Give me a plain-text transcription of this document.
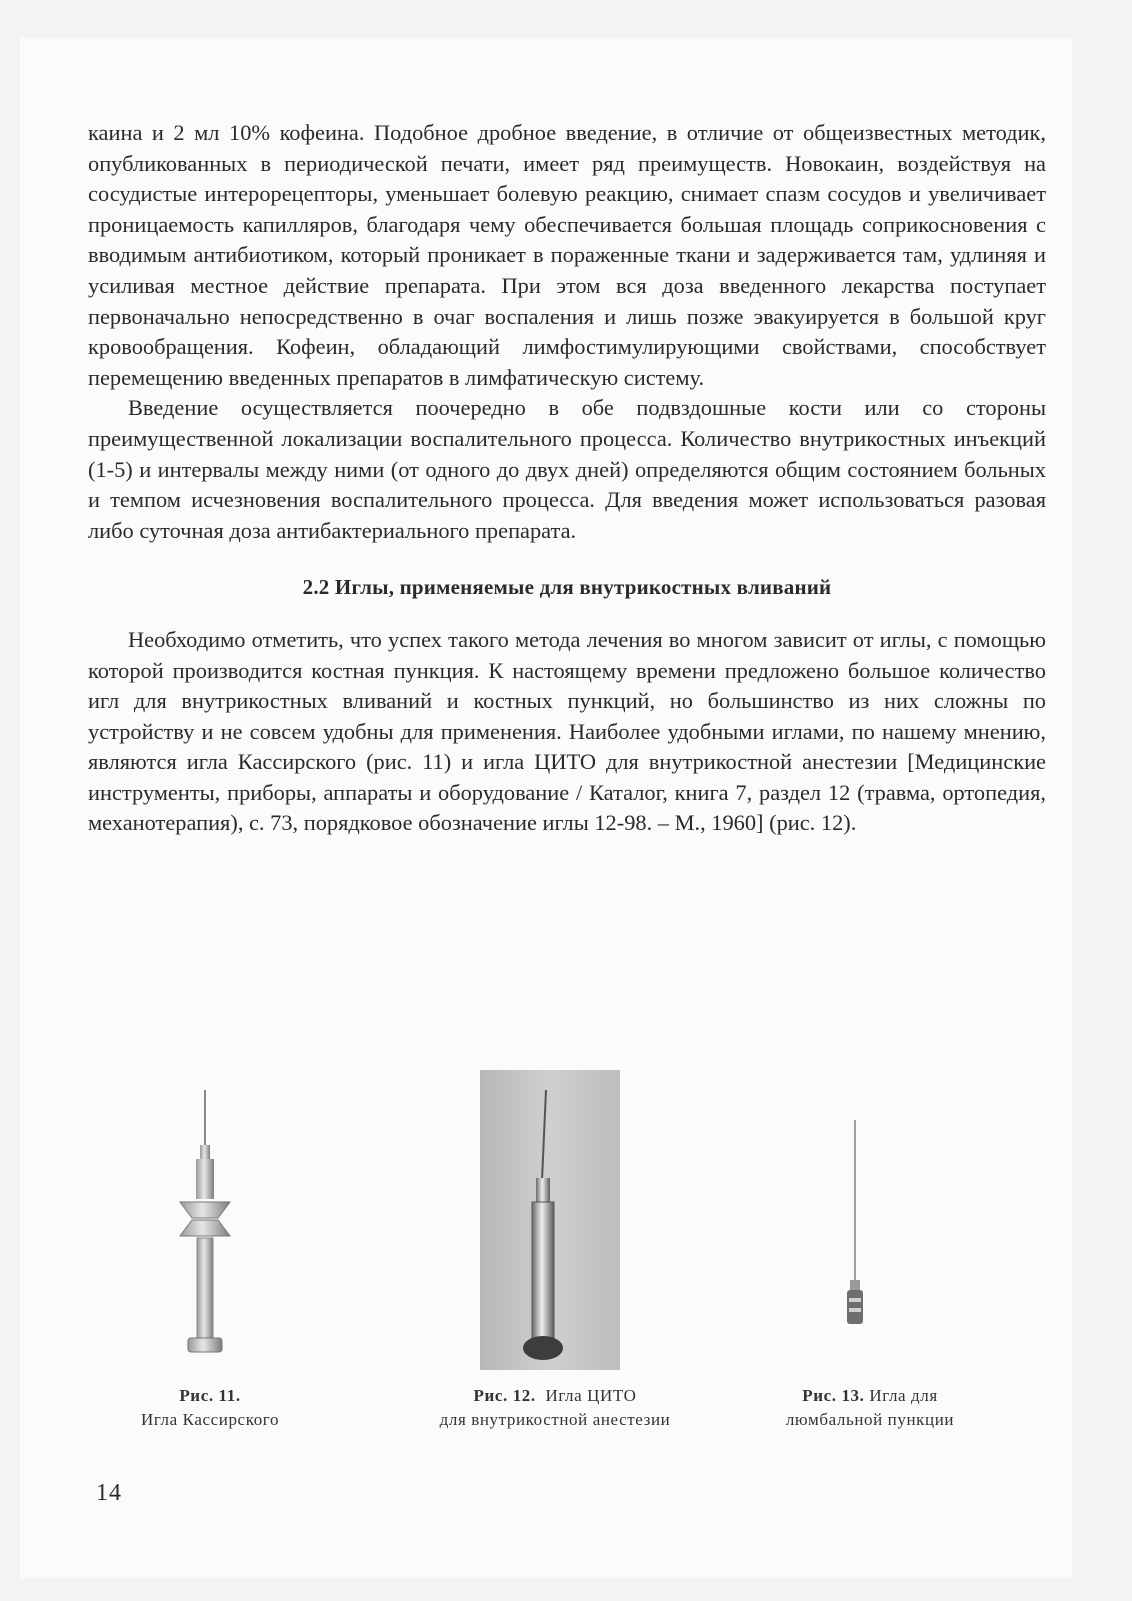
каина и 2 мл 10% кофеина. Подобное дробное введение, в отличие от общеизвестных методик, опубликованных в периодической печати, имеет ряд преимуществ. Новокаин, воздействуя на сосудистые интерорецепторы, уменьшает болевую реакцию, снимает спазм сосудов и увеличивает проницаемость капилляров, благодаря чему обеспечивается большая площадь соприкосновения с вводимым антибиотиком, который проникает в пораженные ткани и задерживается там, удлиняя и усиливая местное действие препарата. При этом вся доза введенного лекарства поступает первоначально непосредственно в очаг воспаления и лишь позже эвакуируется в большой круг кровообращения. Кофеин, обладающий лимфостимулирующими свойствами, способствует перемещению введенных препаратов в лимфатическую систему.

Введение осуществляется поочередно в обе подвздошные кости или со стороны преимущественной локализации воспалительного процесса. Количество внутрикостных инъекций (1-5) и интервалы между ними (от одного до двух дней) определяются общим состоянием больных и темпом исчезновения воспалительного процесса. Для введения может использоваться разовая либо суточная доза антибактериального препарата.

2.2 Иглы, применяемые для внутрикостных вливаний

Необходимо отметить, что успех такого метода лечения во многом зависит от иглы, с помощью которой производится костная пункция. К настоящему времени предложено большое количество игл для внутрикостных вливаний и костных пункций, но большинство из них сложны по устройству и не совсем удобны для применения. Наиболее удобными иглами, по нашему мнению, являются игла Кассирского (рис. 11) и игла ЦИТО для внутрикостной анестезии [Медицинские инструменты, приборы, аппараты и оборудование / Каталог, книга 7, раздел 12 (травма, ортопедия, механотерапия), с. 73, порядковое обозначение иглы 12-98. – М., 1960] (рис. 12).

Рис. 11.
Игла Кассирского
Рис. 12. Игла ЦИТО
для внутрикостной анестезии
Рис. 13. Игла для
люмбальной пункции
14
